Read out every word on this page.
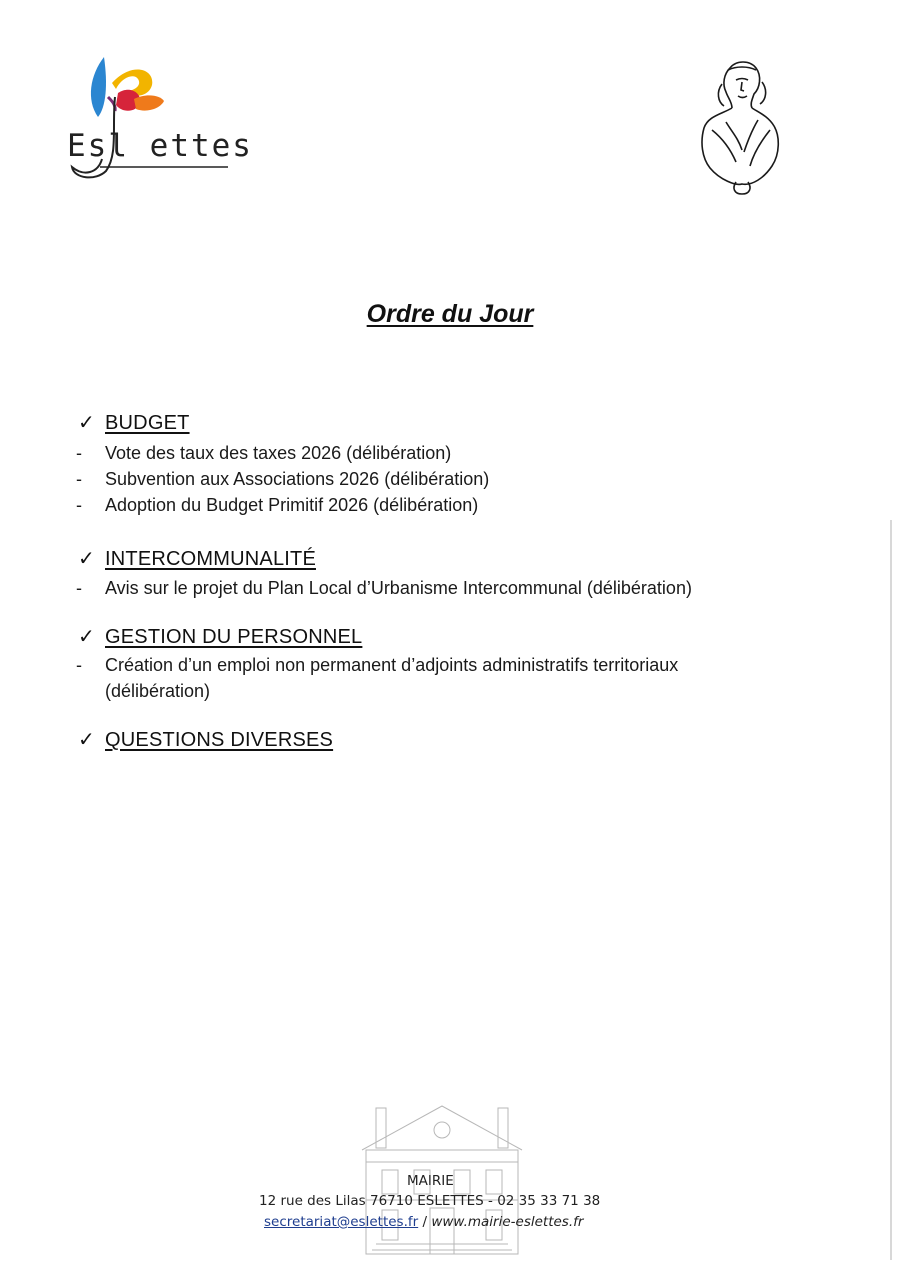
Esl ettes
Ordre du Jour
✓ BUDGET
- Vote des taux des taxes 2026 (délibération)
- Subvention aux Associations 2026 (délibération)
- Adoption du Budget Primitif 2026 (délibération)
✓ INTERCOMMUNALITÉ
- Avis sur le projet du Plan Local d’Urbanisme Intercommunal (délibération)
✓ GESTION DU PERSONNEL
- Création d’un emploi non permanent d’adjoints administratifs territoriaux (délibération)
✓ QUESTIONS DIVERSES
MAIRIE
12 rue des Lilas 76710 ESLETTES - 02 35 33 71 38
secretariat@eslettes.fr / www.mairie-eslettes.fr
